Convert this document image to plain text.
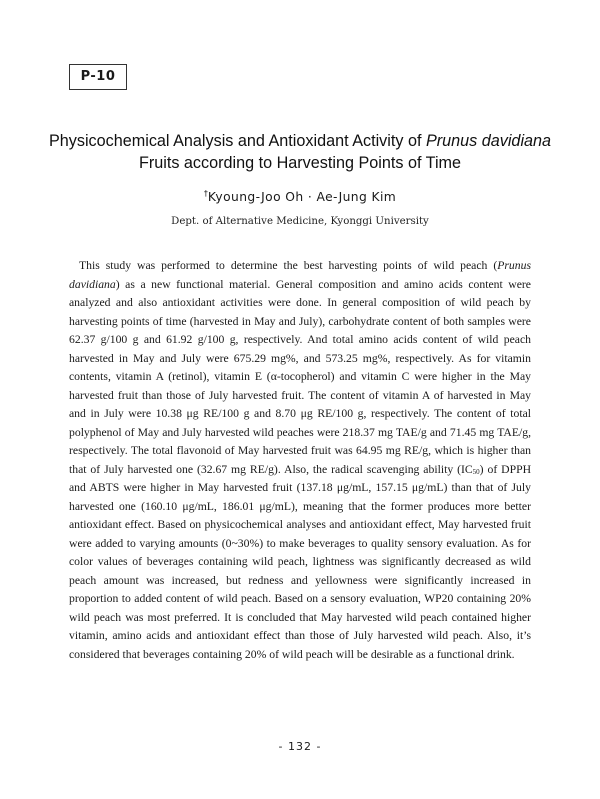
P-10
Physicochemical Analysis and Antioxidant Activity of Prunus davidiana
Fruits according to Harvesting Points of Time
†Kyoung-Joo Oh · Ae-Jung Kim
Dept. of Alternative Medicine, Kyonggi University

This study was performed to determine the best harvesting points of wild peach (Prunus davidiana) as a new functional material. General composition and amino acids content were analyzed and also antioxidant activities were done. In general composition of wild peach by harvesting points of time (harvested in May and July), carbohydrate content of both samples were 62.37 g/100 g and 61.92 g/100 g, respectively. And total amino acids content of wild peach harvested in May and July were 675.29 mg%, and 573.25 mg%, respectively. As for vitamin contents, vitamin A (retinol), vitamin E (α-tocopherol) and vitamin C were higher in the May harvested fruit than those of July harvested fruit. The content of vitamin A of harvested in May and in July were 10.38 μg RE/100 g and 8.70 μg RE/100 g, respectively. The content of total polyphenol of May and July harvested wild peaches were 218.37 mg TAE/g and 71.45 mg TAE/g, respectively. The total flavonoid of May harvested fruit was 64.95 mg RE/g, which is higher than that of July harvested one (32.67 mg RE/g). Also, the radical scavenging ability $(IC_{50})$ of DPPH and ABTS were higher in May harvested fruit (137.18 μg/mL, 157.15 μg/mL) than that of July harvested one (160.10 μg/mL, 186.01 μg/mL), meaning that the former produces more better antioxidant effect. Based on physicochemical analyses and antioxidant effect, May harvested fruit were added to varying amounts (0~30%) to make beverages to quality sensory evaluation. As for color values of beverages containing wild peach, lightness was significantly decreased as wild peach amount was increased, but redness and yellowness were significantly increased in proportion to added content of wild peach. Based on a sensory evaluation, WP20 containing 20% wild peach was most preferred. It is concluded that May harvested wild peach contained higher vitamin, amino acids and antioxidant effect than those of July harvested wild peach. Also, it’s considered that beverages containing 20% of wild peach will be desirable as a functional drink.

- 132 -
